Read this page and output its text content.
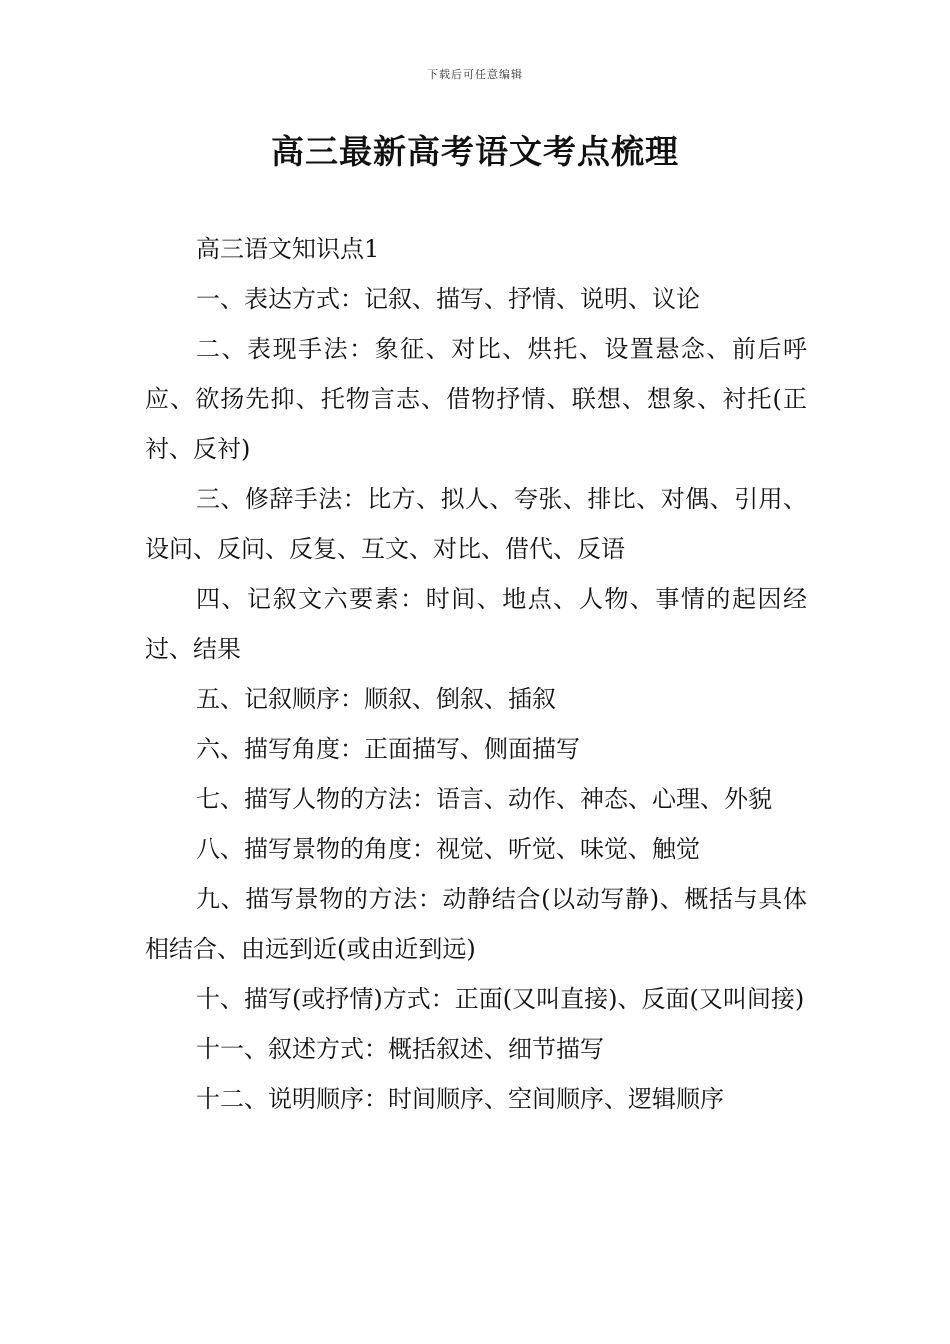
下载后可任意编辑
高三最新高考语文考点梳理

高三语文知识点1

一、表达方式：记叙、描写、抒情、说明、议论

二、表现手法：象征、对比、烘托、设置悬念、前后呼应、欲扬先抑、托物言志、借物抒情、联想、想象、衬托(正衬、反衬)

三、修辞手法：比方、拟人、夸张、排比、对偶、引用、设问、反问、反复、互文、对比、借代、反语

四、记叙文六要素：时间、地点、人物、事情的起因经过、结果

五、记叙顺序：顺叙、倒叙、插叙

六、描写角度：正面描写、侧面描写

七、描写人物的方法：语言、动作、神态、心理、外貌

八、描写景物的角度：视觉、听觉、味觉、触觉

九、描写景物的方法：动静结合(以动写静)、概括与具体相结合、由远到近(或由近到远)

十、描写(或抒情)方式：正面(又叫直接)、反面(又叫间接)

十一、叙述方式：概括叙述、细节描写

十二、说明顺序：时间顺序、空间顺序、逻辑顺序
